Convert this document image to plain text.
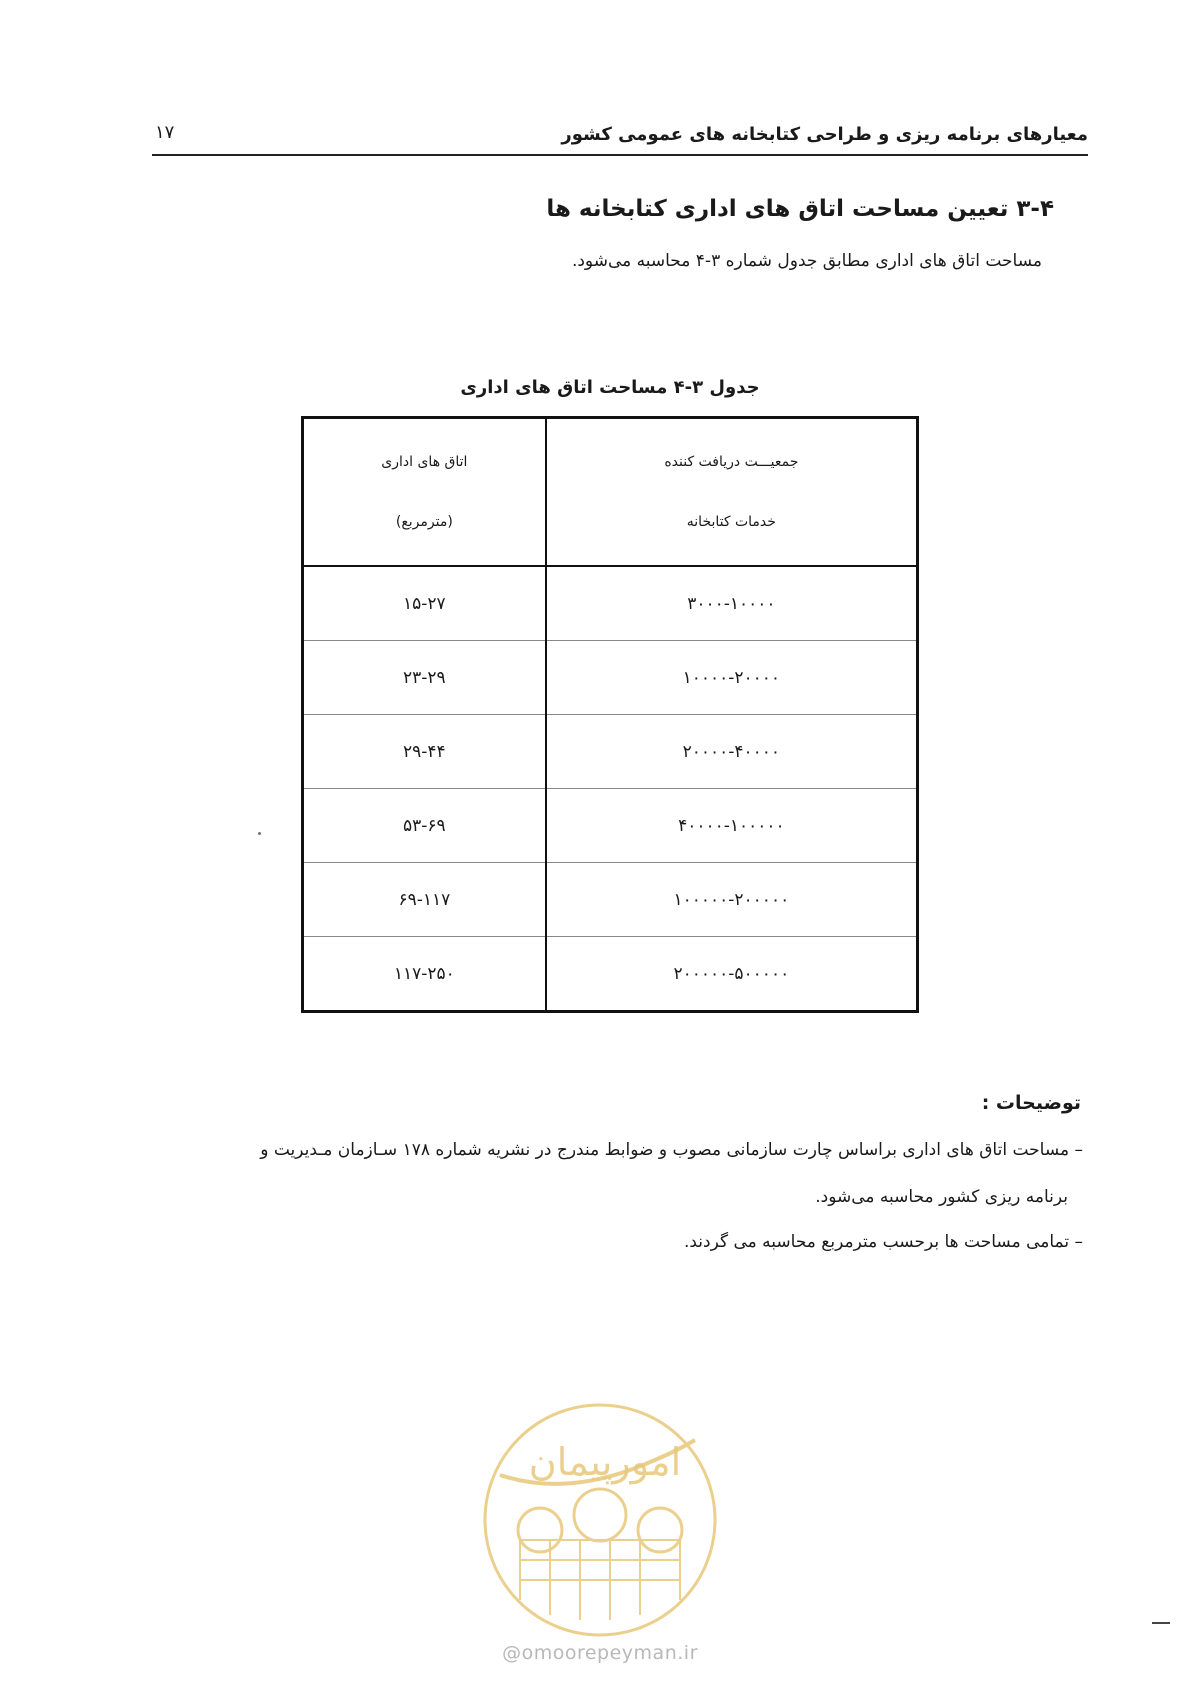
معیارهای برنامه ریزی و طراحی کتابخانه های عمومی کشور
۱۷
۳-۴ تعیین مساحت اتاق های اداری کتابخانه ها
مساحت اتاق های اداری مطابق جدول شماره ۳-۴ محاسبه می‌شود.
جدول ۳-۴ مساحت اتاق های اداری
جمعیـــت دریافت کننده
خدمات کتابخانه	اتاق های اداری
(مترمربع)

۳۰۰۰-۱۰۰۰۰	۱۵-۲۷
۱۰۰۰۰-۲۰۰۰۰	۲۳-۲۹
۲۰۰۰۰-۴۰۰۰۰	۲۹-۴۴
۴۰۰۰۰-۱۰۰۰۰۰	۵۳-۶۹
۱۰۰۰۰۰-۲۰۰۰۰۰	۶۹-۱۱۷
۲۰۰۰۰۰-۵۰۰۰۰۰	۱۱۷-۲۵۰
توضیحات :
– مساحت اتاق های اداری براساس چارت سازمانی مصوب و ضوابط مندرج در نشریه شماره ۱۷۸ سـازمان مـدیریت و
برنامه ریزی کشور محاسبه می‌شود.
– تمامی مساحت ها برحسب مترمربع محاسبه می گردند.
امورپیمان
@omoorepeyman.ir
